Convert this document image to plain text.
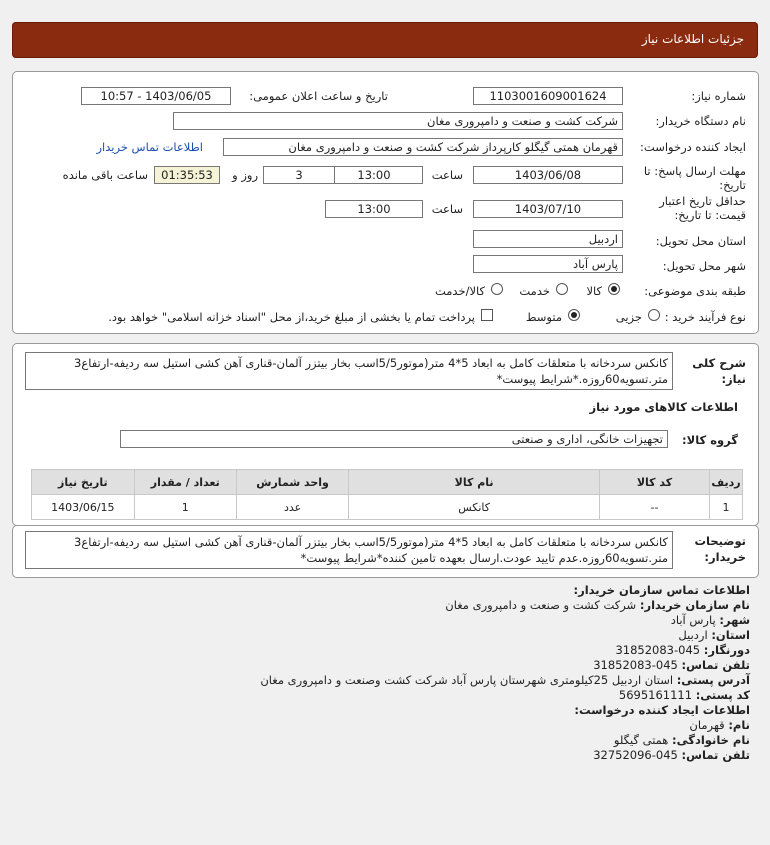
جزئیات اطلاعات نیاز
شماره نیاز:
1103001609001624
تاریخ و ساعت اعلان عمومی:
1403/06/05 - 10:57
نام دستگاه خریدار:
شرکت کشت و صنعت و دامپروری مغان
ایجاد کننده درخواست:
قهرمان همتی گیگلو کارپرداز شرکت کشت و صنعت و دامپروری مغان
اطلاعات تماس خریدار
مهلت ارسال پاسخ: تا
تاریخ:
1403/06/08
ساعت
13:00
3
روز و
01:35:53
ساعت باقی مانده
حداقل تاریخ اعتبار
قیمت: تا تاریخ:
1403/07/10
ساعت
13:00
استان محل تحویل:
اردبیل
شهر محل تحویل:
پارس آباد
طبقه بندی موضوعی:
کالا
خدمت
کالا/خدمت
نوع فرآیند خرید :
جزیی
متوسط
پرداخت تمام یا بخشی از مبلغ خرید،از محل "اسناد خزانه اسلامی" خواهد بود.
شرح کلی
نیاز:
کانکس سردخانه با متعلقات کامل به ابعاد 5*4 متر(موتور5/5اسب بخار بیتزر آلمان-قناری آهن کشی استیل سه ردیفه-ارتفاع3 متر.تسویه60روزه.*شرایط پیوست*
اطلاعات کالاهای مورد نیاز
گروه کالا:
تجهیزات خانگی، اداری و صنعتی
ردیف	کد کالا	نام کالا	واحد شمارش	تعداد / مقدار	تاریخ نیاز
1	--	کانکس	عدد	1	1403/06/15
توضیحات
خریدار:
کانکس سردخانه با متعلقات کامل به ابعاد 5*4 متر(موتور5/5اسب بخار بیتزر آلمان-قناری آهن کشی استیل سه ردیفه-ارتفاع3 متر.تسویه60روزه.عدم تایید عودت.ارسال بعهده تامین کننده*شرایط پیوست*
اطلاعات تماس سازمان خریدار:
نام سازمان خریدار: شرکت کشت و صنعت و دامپروری مغان
شهر: پارس آباد
استان: اردبیل
دورنگار: 045-31852083
تلفن تماس: 045-31852083
آدرس پستی: استان اردبیل 25کیلومتری شهرستان پارس آباد شرکت کشت وصنعت و دامپروری مغان
کد پستی: 5695161111
اطلاعات ایجاد کننده درخواست:
نام: قهرمان
نام خانوادگی: همتی گیگلو
تلفن تماس: 045-32752096
